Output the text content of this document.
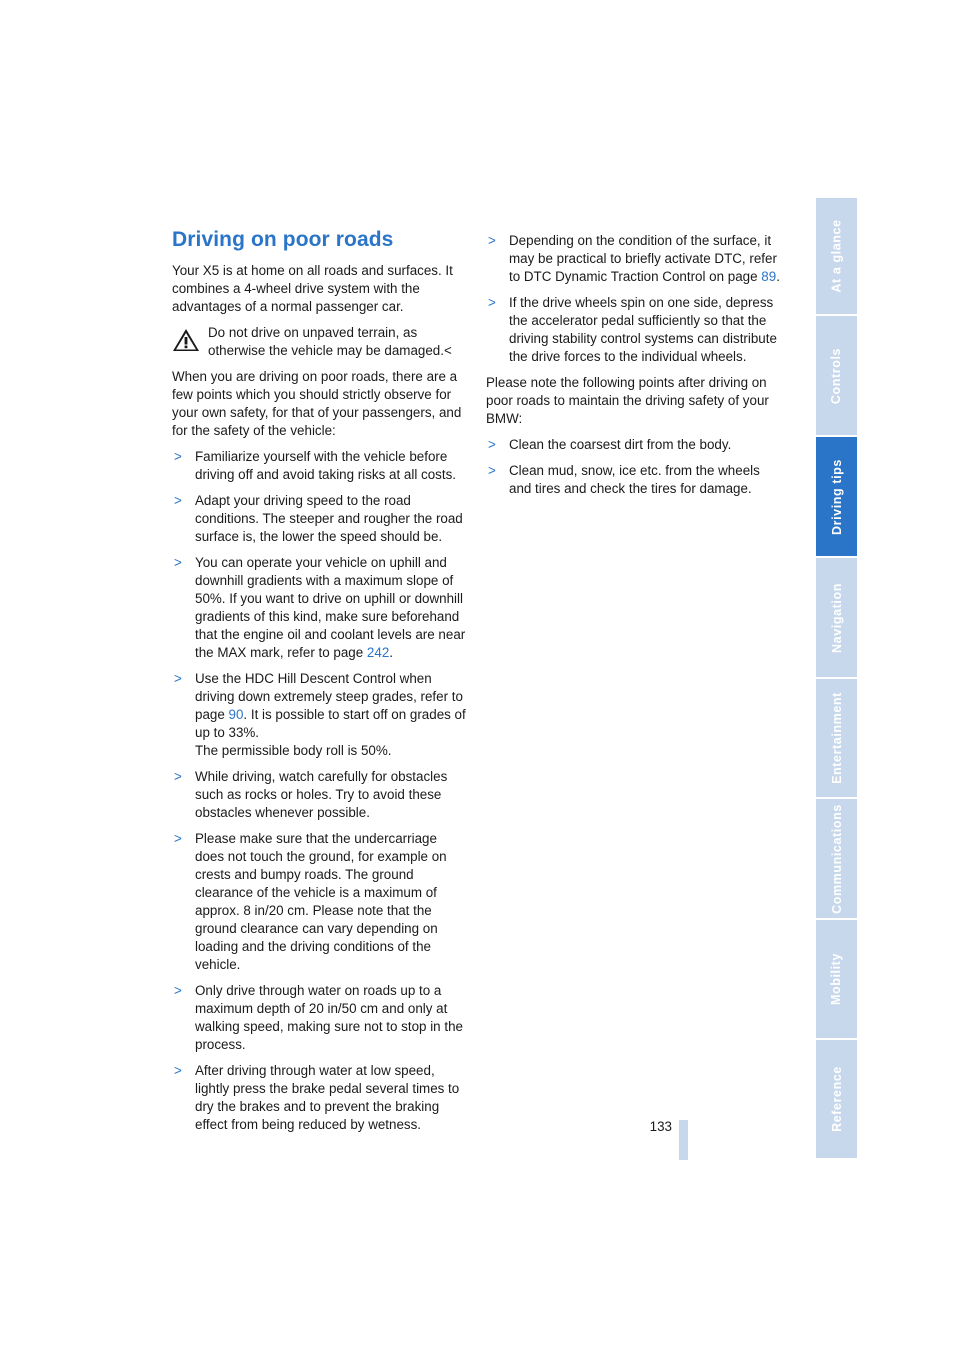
Driving on poor roads

Your X5 is at home on all roads and surfaces. It combines a 4-wheel drive system with the advantages of a normal passenger car.

Do not drive on unpaved terrain, as otherwise the vehicle may be damaged.<

When you are driving on poor roads, there are a few points which you should strictly observe for your own safety, for that of your passengers, and for the safety of the vehicle:

> Familiarize yourself with the vehicle before driving off and avoid taking risks at all costs.
> Adapt your driving speed to the road conditions. The steeper and rougher the road surface is, the lower the speed should be.
> You can operate your vehicle on uphill and downhill gradients with a maximum slope of 50%. If you want to drive on uphill or downhill gradients of this kind, make sure beforehand that the engine oil and coolant levels are near the MAX mark, refer to page 242.
> Use the HDC Hill Descent Control when driving down extremely steep grades, refer to page 90. It is possible to start off on grades of up to 33%.
The permissible body roll is 50%.
> While driving, watch carefully for obstacles such as rocks or holes. Try to avoid these obstacles whenever possible.
> Please make sure that the undercarriage does not touch the ground, for example on crests and bumpy roads. The ground clearance of the vehicle is a maximum of approx. 8 in/20 cm. Please note that the ground clearance can vary depending on loading and the driving conditions of the vehicle.
> Only drive through water on roads up to a maximum depth of 20 in/50 cm and only at walking speed, making sure not to stop in the process.
> After driving through water at low speed, lightly press the brake pedal several times to dry the brakes and to prevent the braking effect from being reduced by wetness.
> Depending on the condition of the surface, it may be practical to briefly activate DTC, refer to DTC Dynamic Traction Control on page 89.
> If the drive wheels spin on one side, depress the accelerator pedal sufficiently so that the driving stability control systems can distribute the drive forces to the individual wheels.

Please note the following points after driving on poor roads to maintain the driving safety of your BMW:

> Clean the coarsest dirt from the body.
> Clean mud, snow, ice etc. from the wheels and tires and check the tires for damage.
133
At a glance
Controls
Driving tips
Navigation
Entertainment
Communications
Mobility
Reference
